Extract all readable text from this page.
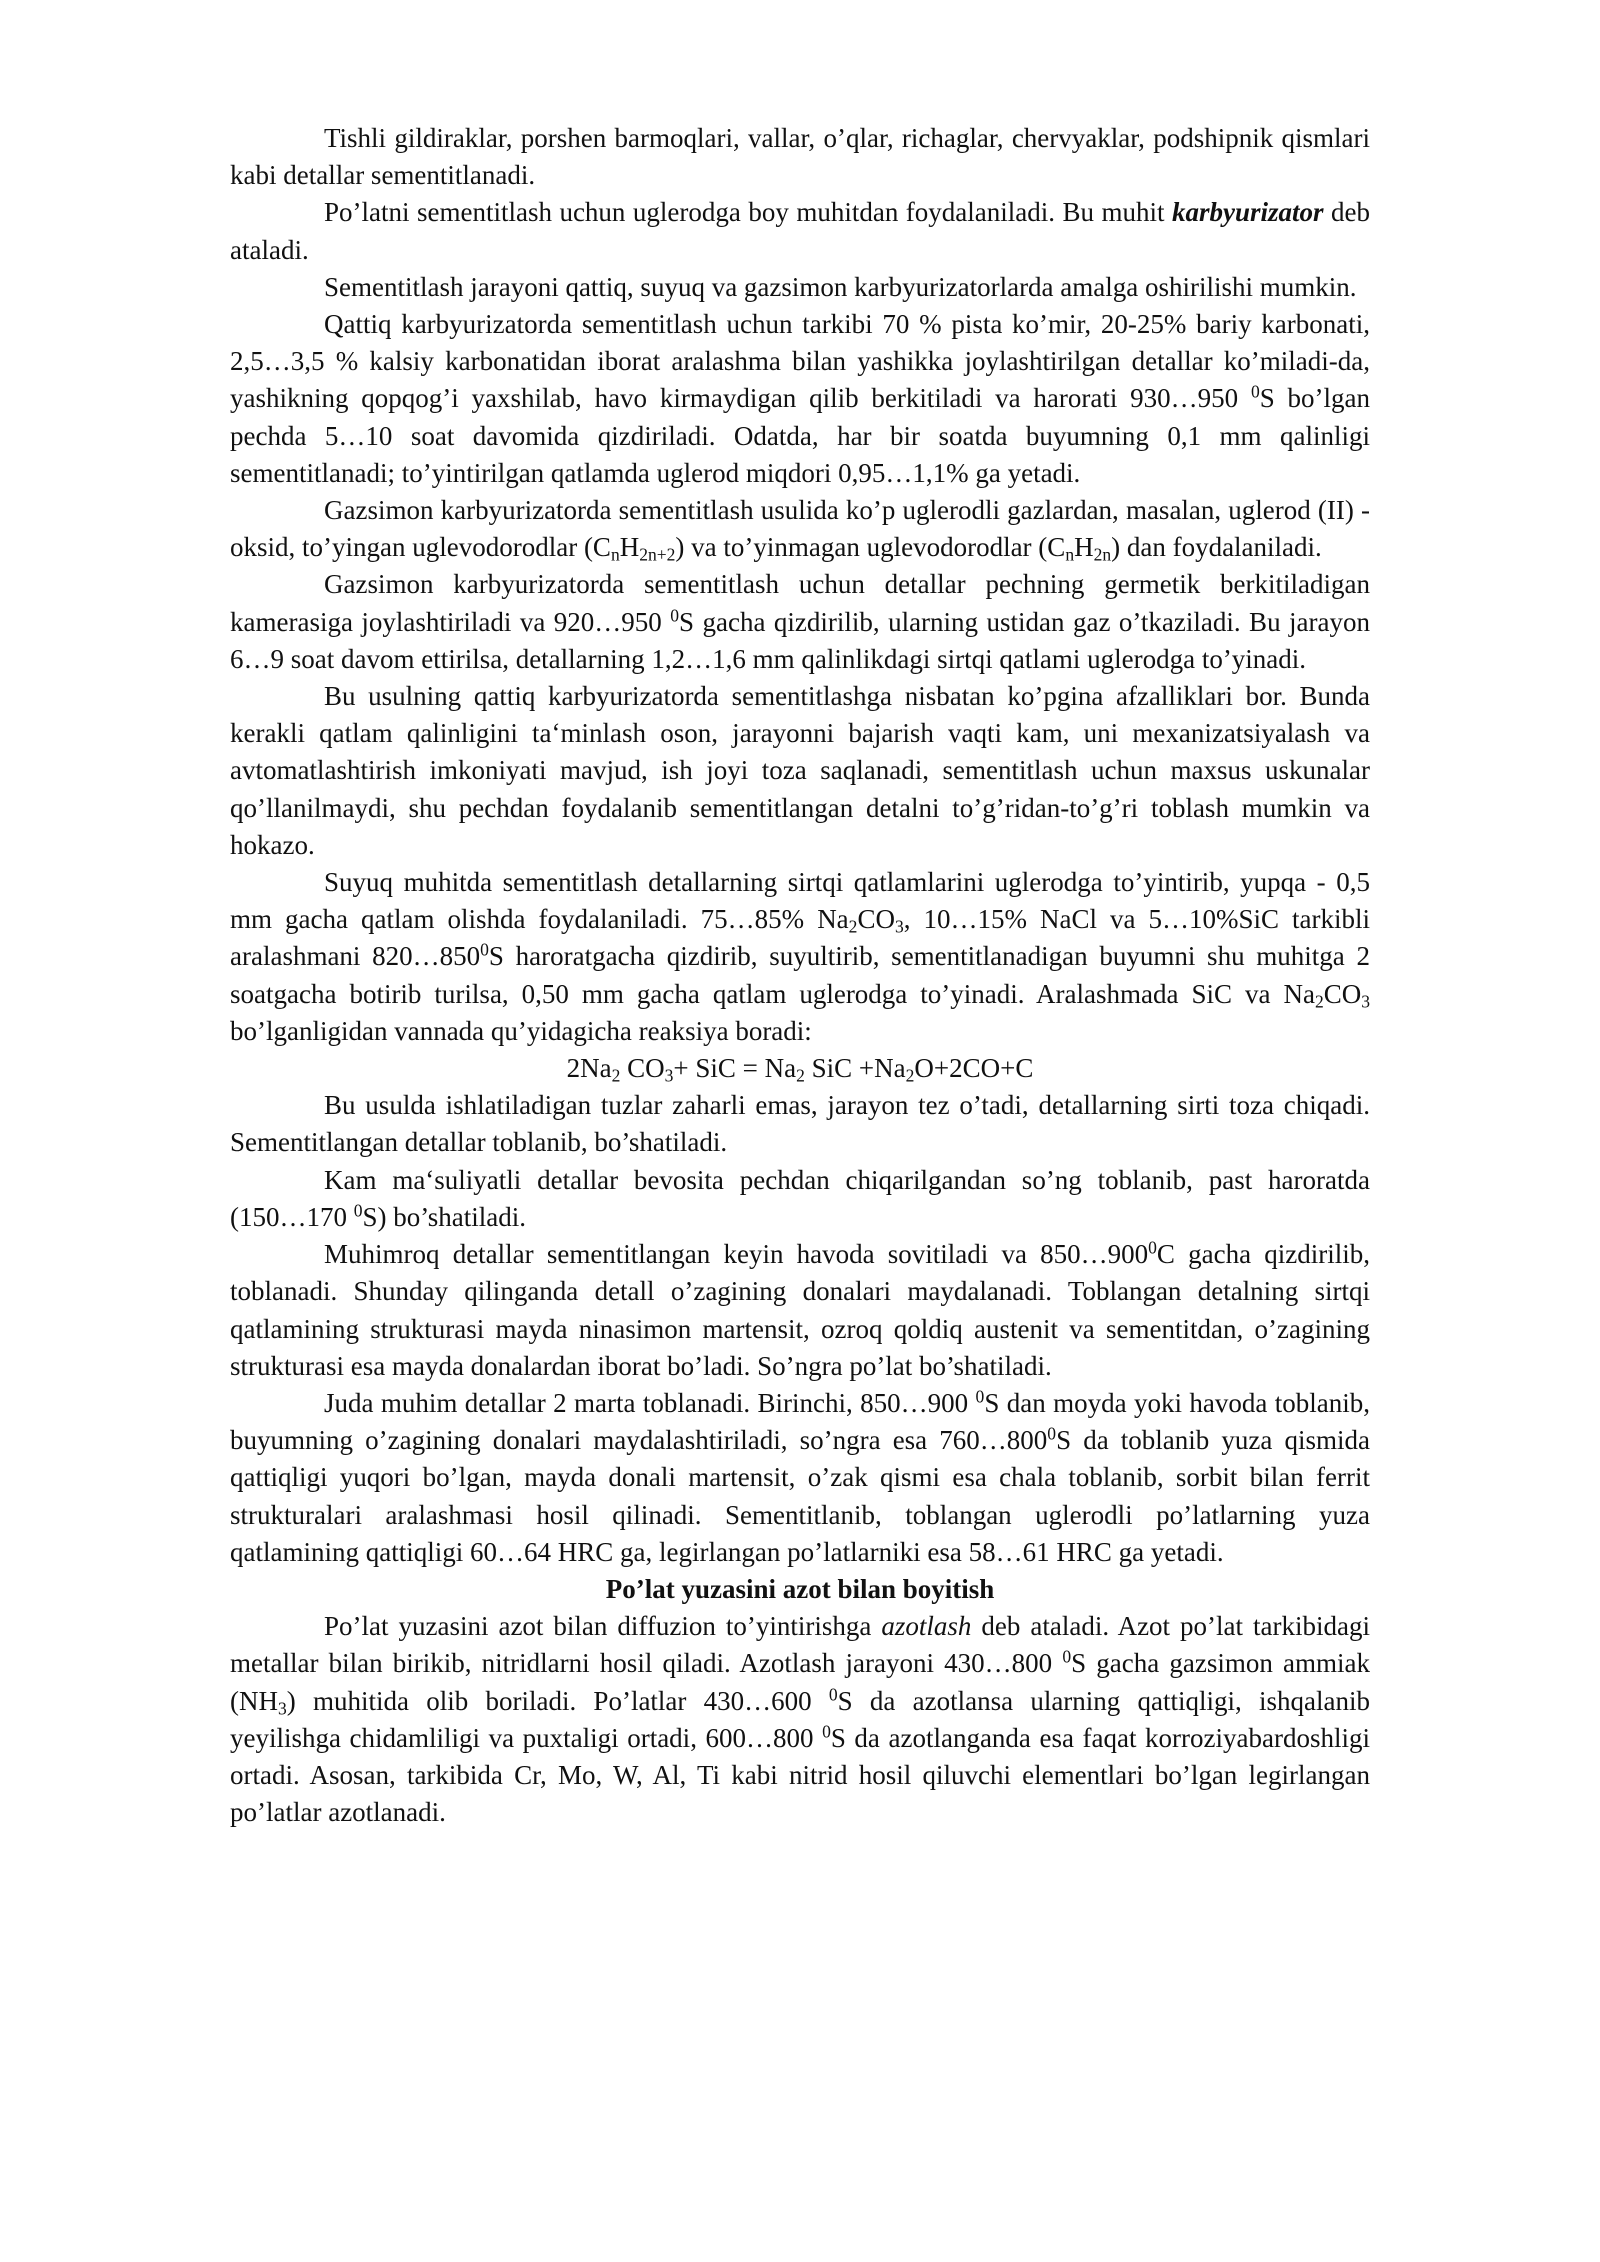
Tishli gildiraklar, porshen barmoqlari, vallar, o’qlar, richaglar, chervyaklar, podshipnik qismlari kabi detallar sementitlanadi.

Po’latni sementitlash uchun uglerodga boy muhitdan foydalaniladi. Bu muhit karbyurizator deb ataladi.

Sementitlash jarayoni qattiq, suyuq va gazsimon karbyurizatorlarda amalga oshirilishi mumkin.

Qattiq karbyurizatorda sementitlash uchun tarkibi 70 % pista ko’mir, 20-25% bariy karbonati, 2,5…3,5 % kalsiy karbonatidan iborat aralashma bilan yashikka joylashtirilgan detallar ko’miladi-da, yashikning qopqog’i yaxshilab, havo kirmaydigan qilib berkitiladi va harorati 930…950 $^0$S bo’lgan pechda 5…10 soat davomida qizdiriladi. Odatda, har bir soatda buyumning 0,1 mm qalinligi sementitlanadi; to’yintirilgan qatlamda uglerod miqdori 0,95…1,1% ga yetadi.

Gazsimon karbyurizatorda sementitlash usulida ko’p uglerodli gazlardan, masalan, uglerod (II) - oksid, to’yingan uglevodorodlar $(C_nH_{2n+2})$ va to’yinmagan uglevodorodlar $(C_nH_{2n})$ dan foydalaniladi.

Gazsimon karbyurizatorda sementitlash uchun detallar pechning germetik berkitiladigan kamerasiga joylashtiriladi va 920…950 $^0$S gacha qizdirilib, ularning ustidan gaz o’tkaziladi. Bu jarayon 6…9 soat davom ettirilsa, detallarning 1,2…1,6 mm qalinlikdagi sirtqi qatlami uglerodga to’yinadi.

Bu usulning qattiq karbyurizatorda sementitlashga nisbatan ko’pgina afzalliklari bor. Bunda kerakli qatlam qalinligini ta‘minlash oson, jarayonni bajarish vaqti kam, uni mexanizatsiyalash va avtomatlashtirish imkoniyati mavjud, ish joyi toza saqlanadi, sementitlash uchun maxsus uskunalar qo’llanilmaydi, shu pechdan foydalanib sementitlangan detalni to’g’ridan-to’g’ri toblash mumkin va hokazo.

Suyuq muhitda sementitlash detallarning sirtqi qatlamlarini uglerodga to’yintirib, yupqa - 0,5 mm gacha qatlam olishda foydalaniladi. 75…85% $Na_2CO_3$, 10…15% NaCl va 5…10%SiC tarkibli aralashmani $820\dots 850^0S$ haroratgacha qizdirib, suyultirib, sementitlanadigan buyumni shu muhitga 2 soatgacha botirib turilsa, 0,50 mm gacha qatlam uglerodga to’yinadi. Aralashmada SiC va $Na_2CO_3$ bo’lganligidan vannada qu’yidagicha reaksiya boradi:

$2Na_2$ $CO_3+$ SiC = $Na_2$ SiC $+Na_2O+2CO+C$

Bu usulda ishlatiladigan tuzlar zaharli emas, jarayon tez o’tadi, detallarning sirti toza chiqadi. Sementitlangan detallar toblanib, bo’shatiladi.

Kam ma‘suliyatli detallar bevosita pechdan chiqarilgandan so’ng toblanib, past haroratda (150…170 $^0$S) bo’shatiladi.

Muhimroq detallar sementitlangan keyin havoda sovitiladi va $850\dots 900^0C$ gacha qizdirilib, toblanadi. Shunday qilinganda detall o’zagining donalari maydalanadi. Toblangan detalning sirtqi qatlamining strukturasi mayda ninasimon martensit, ozroq qoldiq austenit va sementitdan, o’zagining strukturasi esa mayda donalardan iborat bo’ladi. So’ngra po’lat bo’shatiladi.

Juda muhim detallar 2 marta toblanadi. Birinchi, 850…900 $^0$S dan moyda yoki havoda toblanib, buyumning o’zagining donalari maydalashtiriladi, so’ngra esa $760\dots 800^0S$ da toblanib yuza qismida qattiqligi yuqori bo’lgan, mayda donali martensit, o’zak qismi esa chala toblanib, sorbit bilan ferrit strukturalari aralashmasi hosil qilinadi. Sementitlanib, toblangan uglerodli po’latlarning yuza qatlamining qattiqligi 60…64 HRC ga, legirlangan po’latlarniki esa 58…61 HRC ga yetadi.

Po’lat yuzasini azot bilan boyitish

Po’lat yuzasini azot bilan diffuzion to’yintirishga azotlash deb ataladi. Azot po’lat tarkibidagi metallar bilan birikib, nitridlarni hosil qiladi. Azotlash jarayoni 430…800 $^0$S gacha gazsimon ammiak $(NH_3)$ muhitida olib boriladi. Po’latlar 430…600 $^0$S da azotlansa ularning qattiqligi, ishqalanib yeyilishga chidamliligi va puxtaligi ortadi, 600…800 $^0$S da azotlanganda esa faqat korroziyabardoshligi ortadi. Asosan, tarkibida Cr, Mo, W, Al, Ti kabi nitrid hosil qiluvchi elementlari bo’lgan legirlangan po’latlar azotlanadi.
